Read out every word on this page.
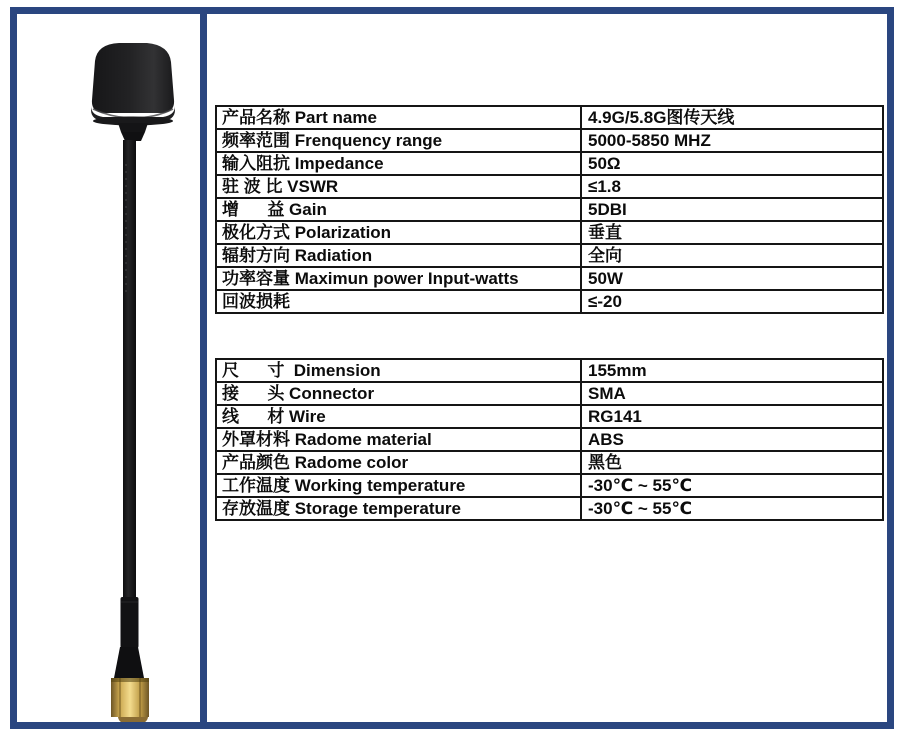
产品名称 Part name	4.9G/5.8G图传天线
频率范围 Frenquency range	5000-5850 MHZ
输入阻抗 Impedance	50Ω
驻 波 比 VSWR	≤1.8
增      益 Gain	5DBI
极化方式 Polarization	垂直
辐射方向 Radiation	全向
功率容量 Maximun power Input-watts	50W
回波损耗	≤-20
尺      寸  Dimension	155mm
接      头 Connector	SMA
线      材 Wire	RG141
外罩材料 Radome material	ABS
产品颜色 Radome color	黑色
工作温度 Working temperature	-30℃ ~ 55℃
存放温度 Storage temperature	-30℃ ~ 55℃
